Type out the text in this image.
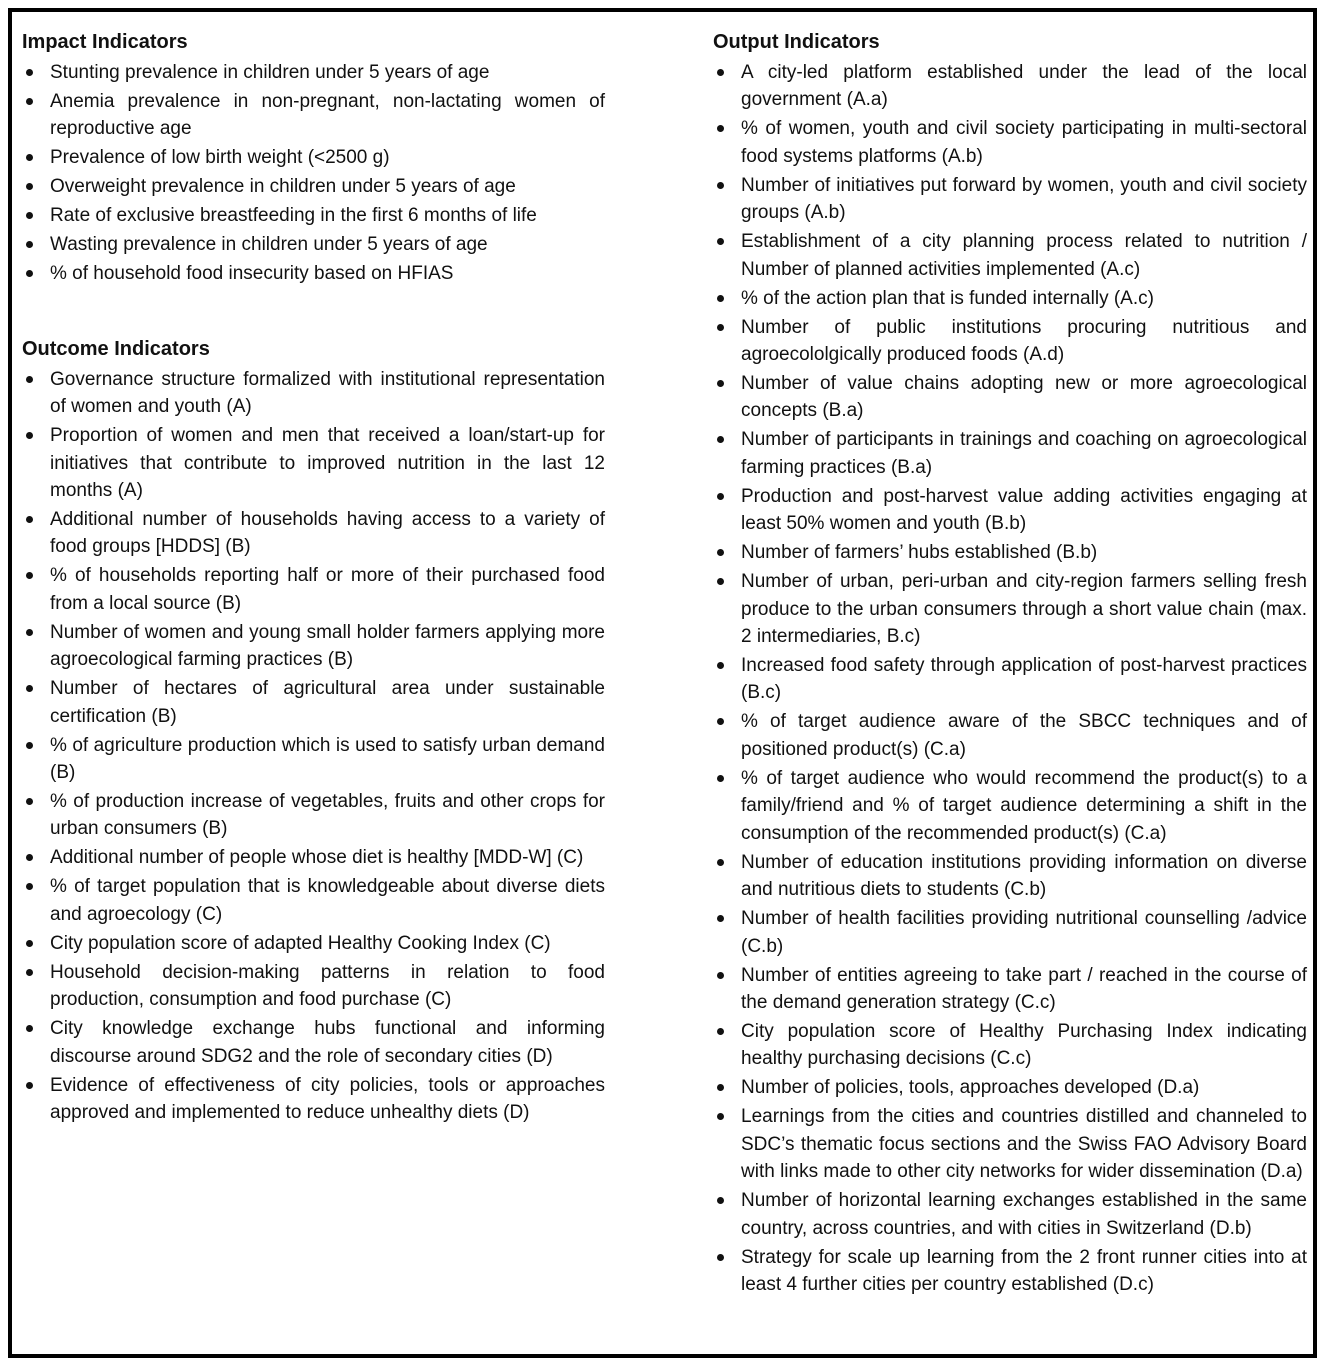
Impact Indicators
Stunting prevalence in children under 5 years of age
Anemia prevalence in non-pregnant, non-lactating women of reproductive age
Prevalence of low birth weight (<2500 g)
Overweight prevalence in children under 5 years of age
Rate of exclusive breastfeeding in the first 6 months of life
Wasting prevalence in children under 5 years of age
% of household food insecurity based on HFIAS
Outcome Indicators
Governance structure formalized with institutional representation of women and youth (A)
Proportion of women and men that received a loan/start-up for initiatives that contribute to improved nutrition in the last 12 months (A)
Additional number of households having access to a variety of food groups [HDDS] (B)
% of households reporting half or more of their purchased food from a local source (B)
Number of women and young small holder farmers applying more agroecological farming practices (B)
Number of hectares of agricultural area under sustainable certification (B)
% of agriculture production which is used to satisfy urban demand (B)
% of production increase of vegetables, fruits and other crops for urban consumers (B)
Additional number of people whose diet is healthy [MDD-W] (C)
% of target population that is knowledgeable about diverse diets and agroecology (C)
City population score of adapted Healthy Cooking Index (C)
Household decision-making patterns in relation to food production, consumption and food purchase (C)
City knowledge exchange hubs functional and informing discourse around SDG2 and the role of secondary cities (D)
Evidence of effectiveness of city policies, tools or approaches approved and implemented to reduce unhealthy diets (D)
Output Indicators
A city-led platform established under the lead of the local government (A.a)
% of women, youth and civil society participating in multi-sectoral food systems platforms (A.b)
Number of initiatives put forward by women, youth and civil society groups (A.b)
Establishment of a city planning process related to nutrition / Number of planned activities implemented (A.c)
% of the action plan that is funded internally (A.c)
Number of public institutions procuring nutritious and agroecololgically produced foods (A.d)
Number of value chains adopting new or more agroecological concepts (B.a)
Number of participants in trainings and coaching on agroecological farming practices (B.a)
Production and post-harvest value adding activities engaging at least 50% women and youth (B.b)
Number of farmers’ hubs established (B.b)
Number of urban, peri-urban and city-region farmers selling fresh produce to the urban consumers through a short value chain (max. 2 intermediaries, B.c)
Increased food safety through application of post-harvest practices (B.c)
% of target audience aware of the SBCC techniques and of positioned product(s) (C.a)
% of target audience who would recommend the product(s) to a family/friend and % of target audience determining a shift in the consumption of the recommended product(s) (C.a)
Number of education institutions providing information on diverse and nutritious diets to students (C.b)
Number of health facilities providing nutritional counselling /advice (C.b)
Number of entities agreeing to take part / reached in the course of the demand generation strategy (C.c)
City population score of Healthy Purchasing Index indicating healthy purchasing decisions (C.c)
Number of policies, tools, approaches developed (D.a)
Learnings from the cities and countries distilled and channeled to SDC’s thematic focus sections and the Swiss FAO Advisory Board with links made to other city networks for wider dissemination (D.a)
Number of horizontal learning exchanges established in the same country, across countries, and with cities in Switzerland (D.b)
Strategy for scale up learning from the 2 front runner cities into at least 4 further cities per country established (D.c)
